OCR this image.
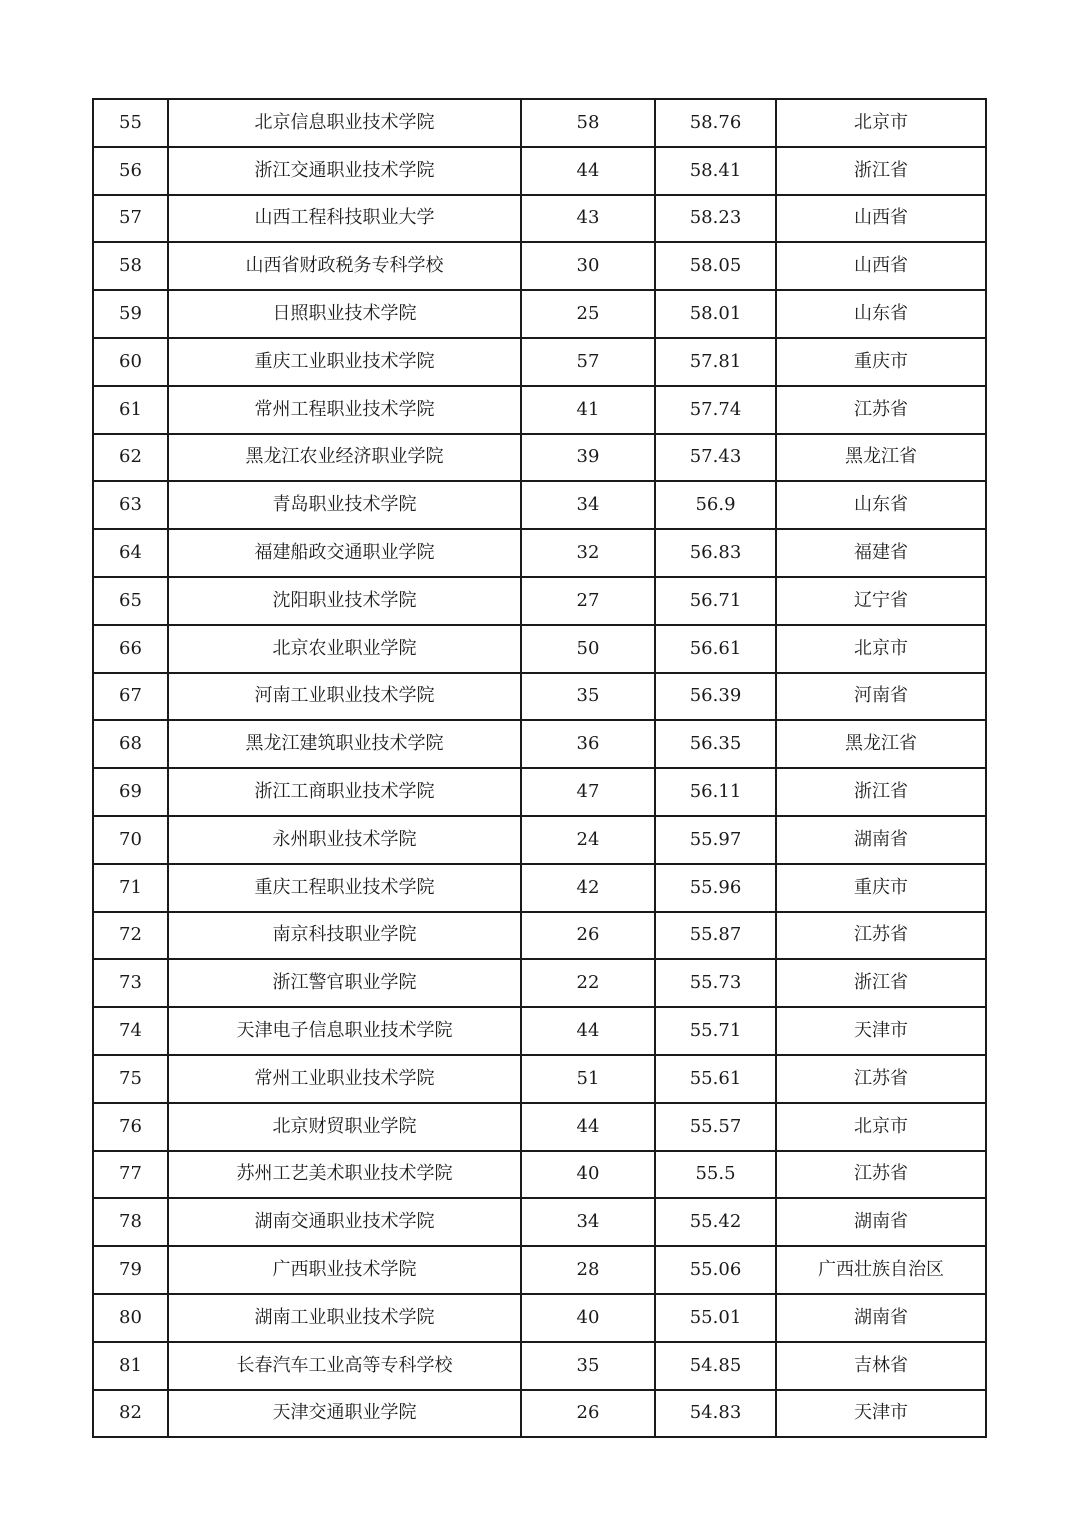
55	北京信息职业技术学院	58	58.76	北京市
56	浙江交通职业技术学院	44	58.41	浙江省
57	山西工程科技职业大学	43	58.23	山西省
58	山西省财政税务专科学校	30	58.05	山西省
59	日照职业技术学院	25	58.01	山东省
60	重庆工业职业技术学院	57	57.81	重庆市
61	常州工程职业技术学院	41	57.74	江苏省
62	黑龙江农业经济职业学院	39	57.43	黑龙江省
63	青岛职业技术学院	34	56.9	山东省
64	福建船政交通职业学院	32	56.83	福建省
65	沈阳职业技术学院	27	56.71	辽宁省
66	北京农业职业学院	50	56.61	北京市
67	河南工业职业技术学院	35	56.39	河南省
68	黑龙江建筑职业技术学院	36	56.35	黑龙江省
69	浙江工商职业技术学院	47	56.11	浙江省
70	永州职业技术学院	24	55.97	湖南省
71	重庆工程职业技术学院	42	55.96	重庆市
72	南京科技职业学院	26	55.87	江苏省
73	浙江警官职业学院	22	55.73	浙江省
74	天津电子信息职业技术学院	44	55.71	天津市
75	常州工业职业技术学院	51	55.61	江苏省
76	北京财贸职业学院	44	55.57	北京市
77	苏州工艺美术职业技术学院	40	55.5	江苏省
78	湖南交通职业技术学院	34	55.42	湖南省
79	广西职业技术学院	28	55.06	广西壮族自治区
80	湖南工业职业技术学院	40	55.01	湖南省
81	长春汽车工业高等专科学校	35	54.85	吉林省
82	天津交通职业学院	26	54.83	天津市
